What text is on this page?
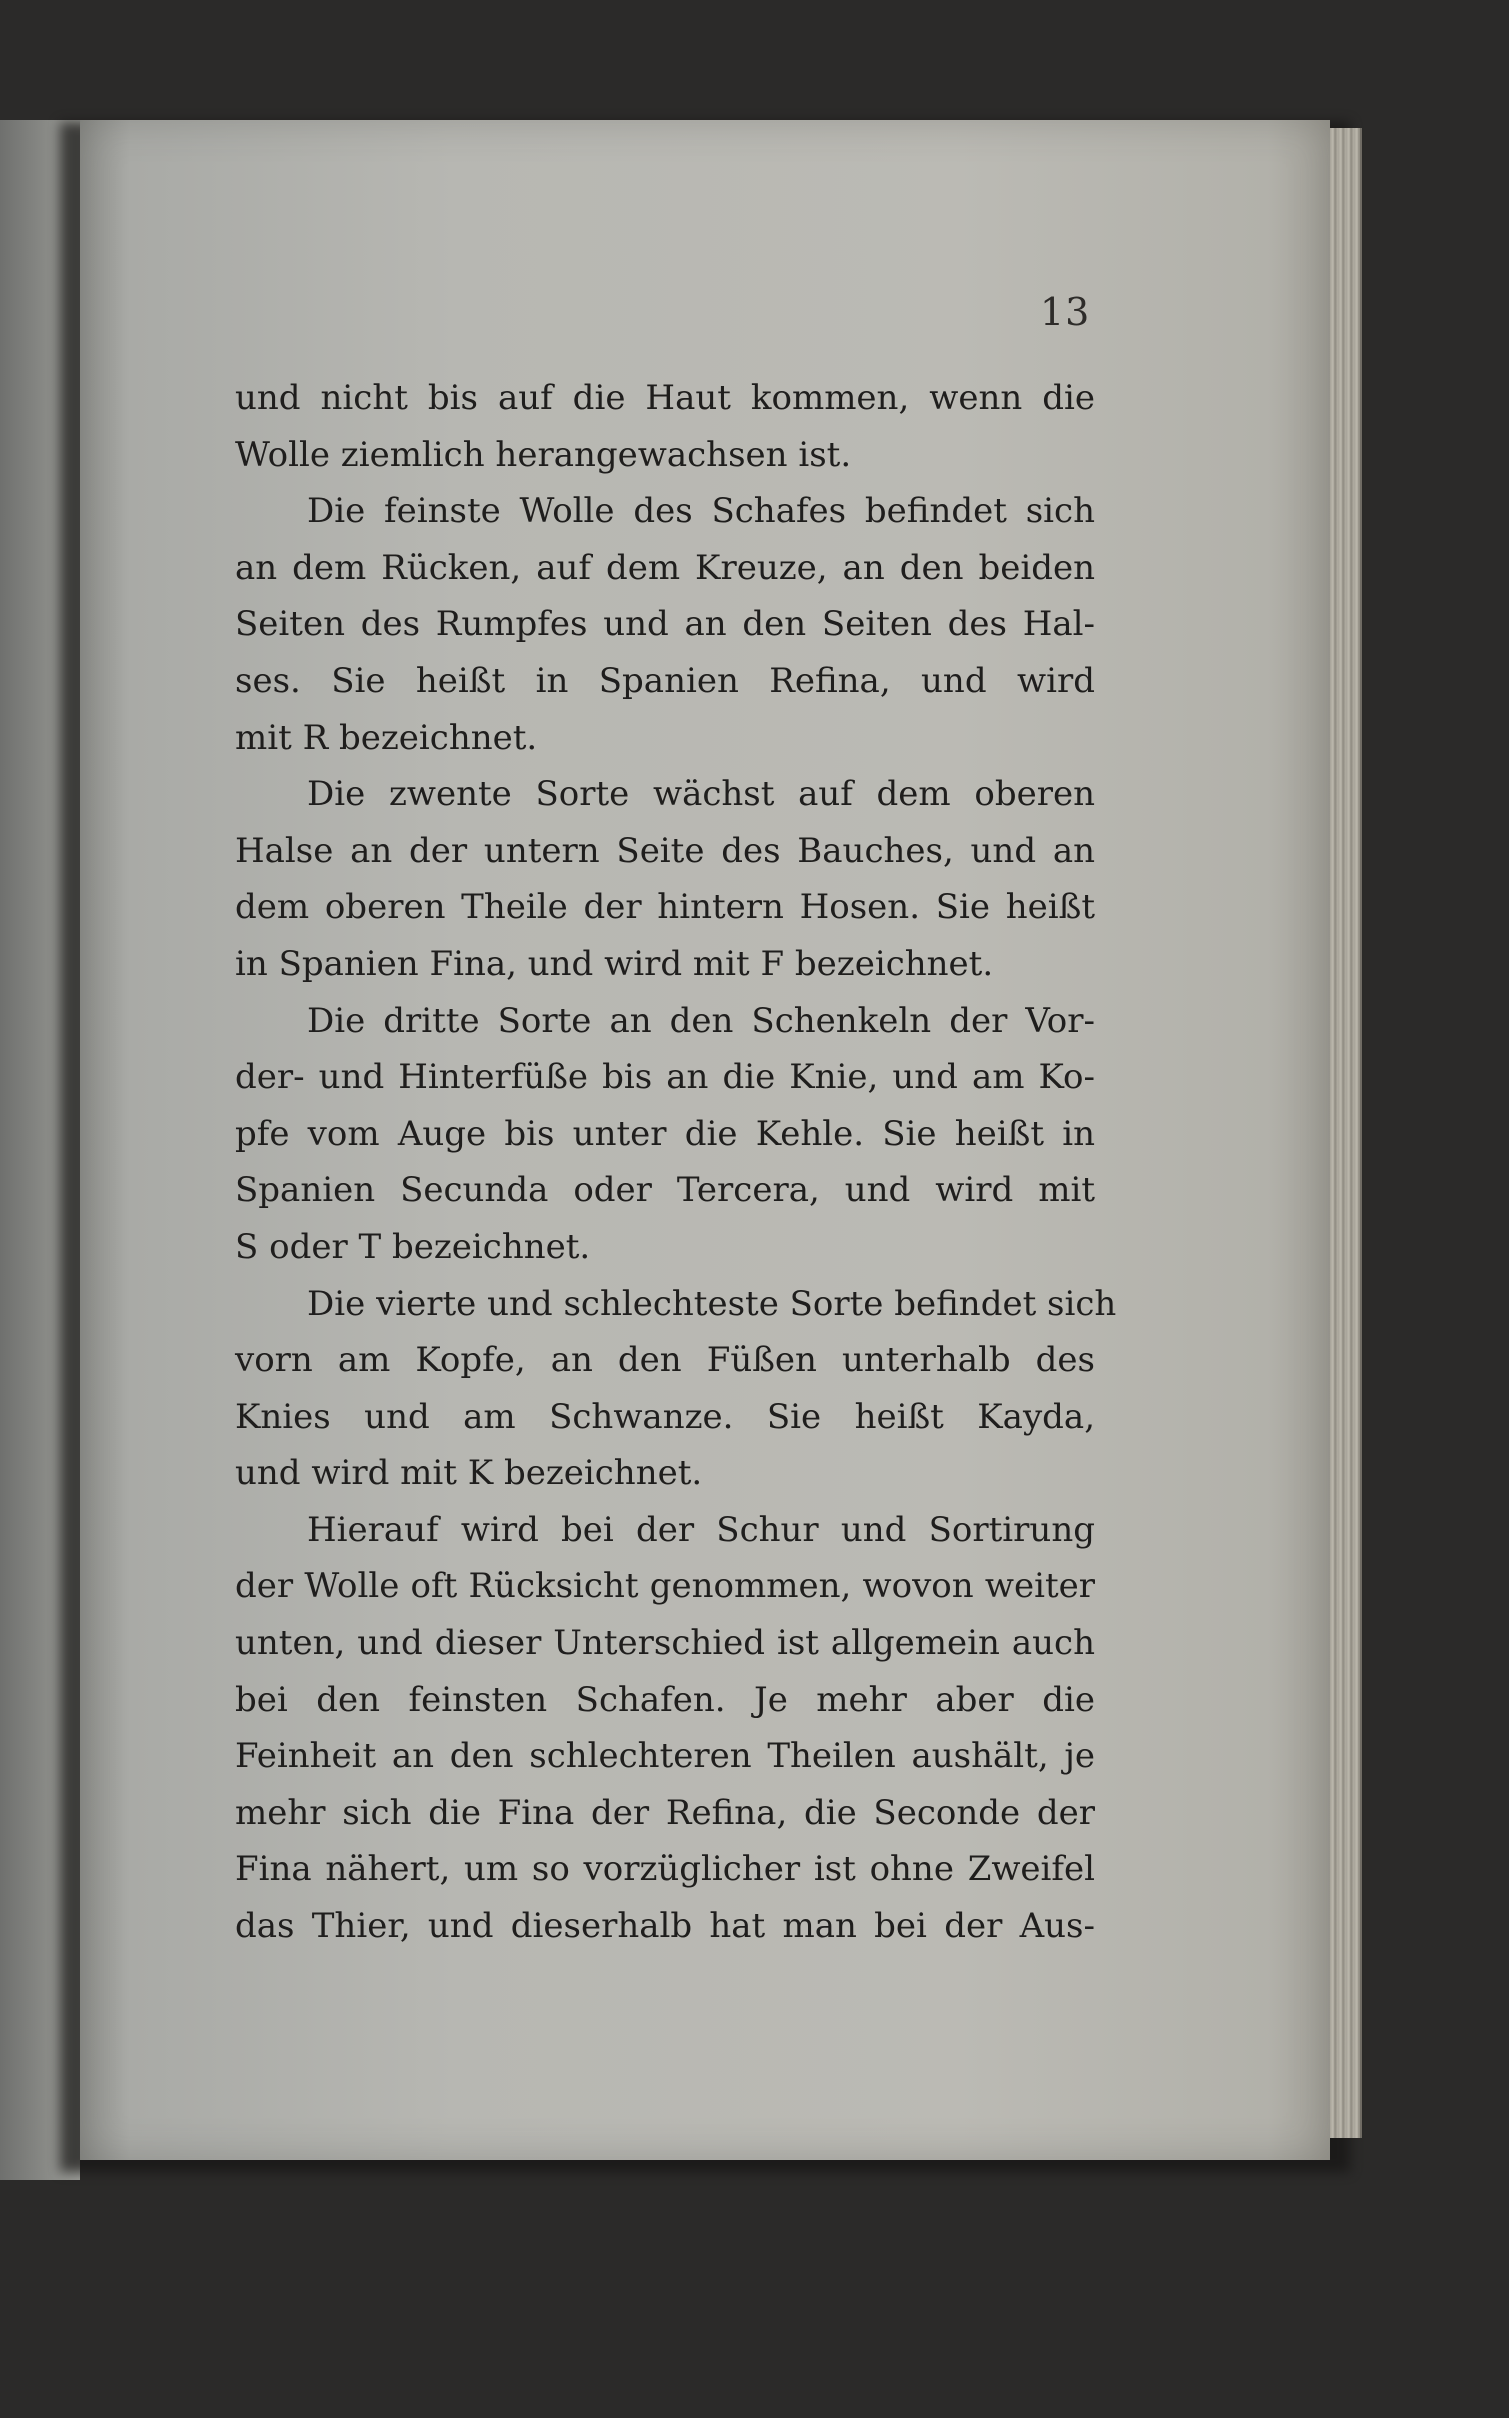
13
und nicht bis auf die Haut kommen, wenn die
Wolle ziemlich herangewachsen ist.
Die feinste Wolle des Schafes befindet sich
an dem Rücken, auf dem Kreuze, an den beiden
Seiten des Rumpfes und an den Seiten des Hal-
ses. Sie heißt in Spanien Refina, und wird
mit R bezeichnet.
Die zwente Sorte wächst auf dem oberen
Halse an der untern Seite des Bauches, und an
dem oberen Theile der hintern Hosen. Sie heißt
in Spanien Fina, und wird mit F bezeichnet.
Die dritte Sorte an den Schenkeln der Vor-
der- und Hinterfüße bis an die Knie, und am Ko-
pfe vom Auge bis unter die Kehle. Sie heißt in
Spanien Secunda oder Tercera, und wird mit
S oder T bezeichnet.
Die vierte und schlechteste Sorte befindet sich
vorn am Kopfe, an den Füßen unterhalb des
Knies und am Schwanze. Sie heißt Kayda,
und wird mit K bezeichnet.
Hierauf wird bei der Schur und Sortirung
der Wolle oft Rücksicht genommen, wovon weiter
unten, und dieser Unterschied ist allgemein auch
bei den feinsten Schafen. Je mehr aber die
Feinheit an den schlechteren Theilen aushält, je
mehr sich die Fina der Refina, die Seconde der
Fina nähert, um so vorzüglicher ist ohne Zweifel
das Thier, und dieserhalb hat man bei der Aus-
